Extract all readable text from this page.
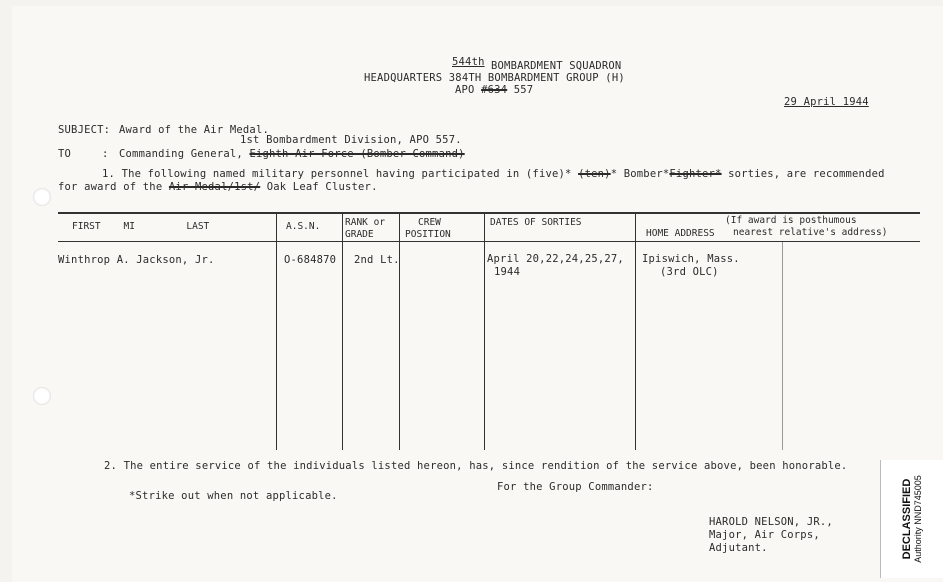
544th BOMBARDMENT SQUADRON
HEADQUARTERS 384TH BOMBARDMENT GROUP (H)
APO #634 557
29 April 1944
SUBJECT: Award of the Air Medal.
1st Bombardment Division, APO 557.
TO	: Commanding General, Eighth Air Force (Bomber Command)
1. The following named military personnel having participated in (five)* (ten)* Bomber*Fighter* sorties, are recommended
for award of the Air Medal/1st/ Oak Leaf Cluster.
FIRST    MI         LAST	A.S.N.	RANK or
GRADE
CREW
POSITION
DATES OF SORTIES
HOME ADDRESS
(If award is posthumous
nearest relative's address)
Winthrop A. Jackson, Jr.	O-684870 2nd Lt.	April 20,22,24,25,27,
1944
Ipiswich, Mass.
(3rd OLC)
2. The entire service of the individuals listed hereon, has, since rendition of the service above, been honorable.
*Strike out when not applicable.
For the Group Commander:
HAROLD NELSON, JR.,
Major, Air Corps,
Adjutant.	DECLASSIFIED Authority NND745005
